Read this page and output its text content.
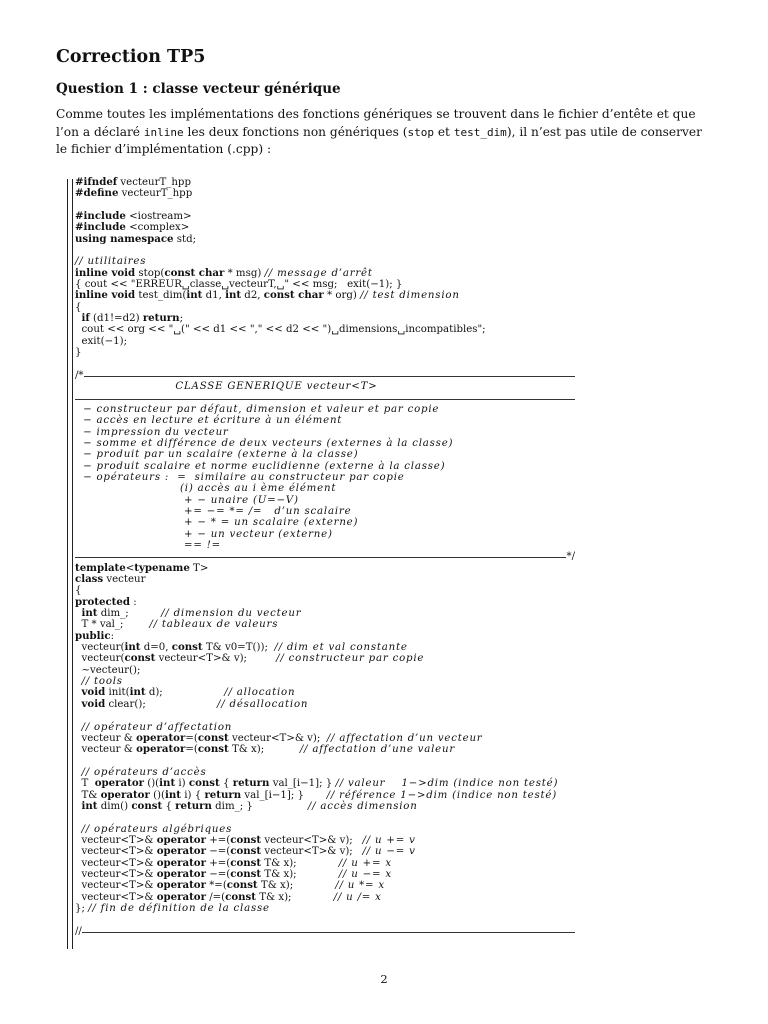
Correction TP5
Question 1 : classe vecteur générique

Comme toutes les implémentations des fonctions génériques se trouvent dans le fichier d’entête et que l’on a déclaré inline les deux fonctions non génériques (stop et test_dim), il n’est pas utile de conserver le fichier d’implémentation (.cpp) :

#ifndef vecteurT_hpp
#define vecteurT_hpp
#include <iostream>
#include <complex>
using namespace std;
// utilitaires
inline void stop(const char * msg) // message d’arrêt
{ cout << "ERREUR␣classe␣vecteurT,␣" << msg;   exit(−1); }
inline void test_dim(int d1, int d2, const char * org) // test dimension
{
if (d1!=d2) return;
cout << org << "␣(" << d1 << "," << d2 << ")␣dimensions␣incompatibles";
exit(−1);
}
/*
CLASSE GENERIQUE vecteur<T>
− constructeur par défaut, dimension et valeur et par copie
− accès en lecture et écriture à un élément
− impression du vecteur
− somme et différence de deux vecteurs (externes à la classe)
− produit par un scalaire (externe à la classe)
− produit scalaire et norme euclidienne (externe à la classe)
− opérateurs :  =  similaire au constructeur par copie
(i) accès au i ème élément
+ − unaire (U=−V)
+= −= *= /=   d’un scalaire
+ − * = un scalaire (externe)
+ − un vecteur (externe)
== !=
*/
template<typename T>
class vecteur
{
protected :
int dim_;          // dimension du vecteur
T * val_;        // tableaux de valeurs
public:
vecteur(int d=0, const T& v0=T());  // dim et val constante
vecteur(const vecteur<T>& v);         // constructeur par copie
~vecteur();
// tools
void init(int d);                   // allocation
void clear();                      // désallocation
// opérateur d’affectation
vecteur & operator=(const vecteur<T>& v);  // affectation d’un vecteur
vecteur & operator=(const T& x);           // affectation d’une valeur
// opérateurs d’accès
T  operator ()(int i) const { return val_[i−1]; } // valeur    1−>dim (indice non testé)
T& operator ()(int i) { return val_[i−1]; }       // référence 1−>dim (indice non testé)
int dim() const { return dim_; }                 // accès dimension
// opérateurs algébriques
vecteur<T>& operator +=(const vecteur<T>& v);   // u += v
vecteur<T>& operator −=(const vecteur<T>& v);   // u −= v
vecteur<T>& operator +=(const T& x);             // u += x
vecteur<T>& operator −=(const T& x);             // u −= x
vecteur<T>& operator *=(const T& x);             // u *= x
vecteur<T>& operator /=(const T& x);             // u /= x
}; // fin de définition de la classe
//
2
